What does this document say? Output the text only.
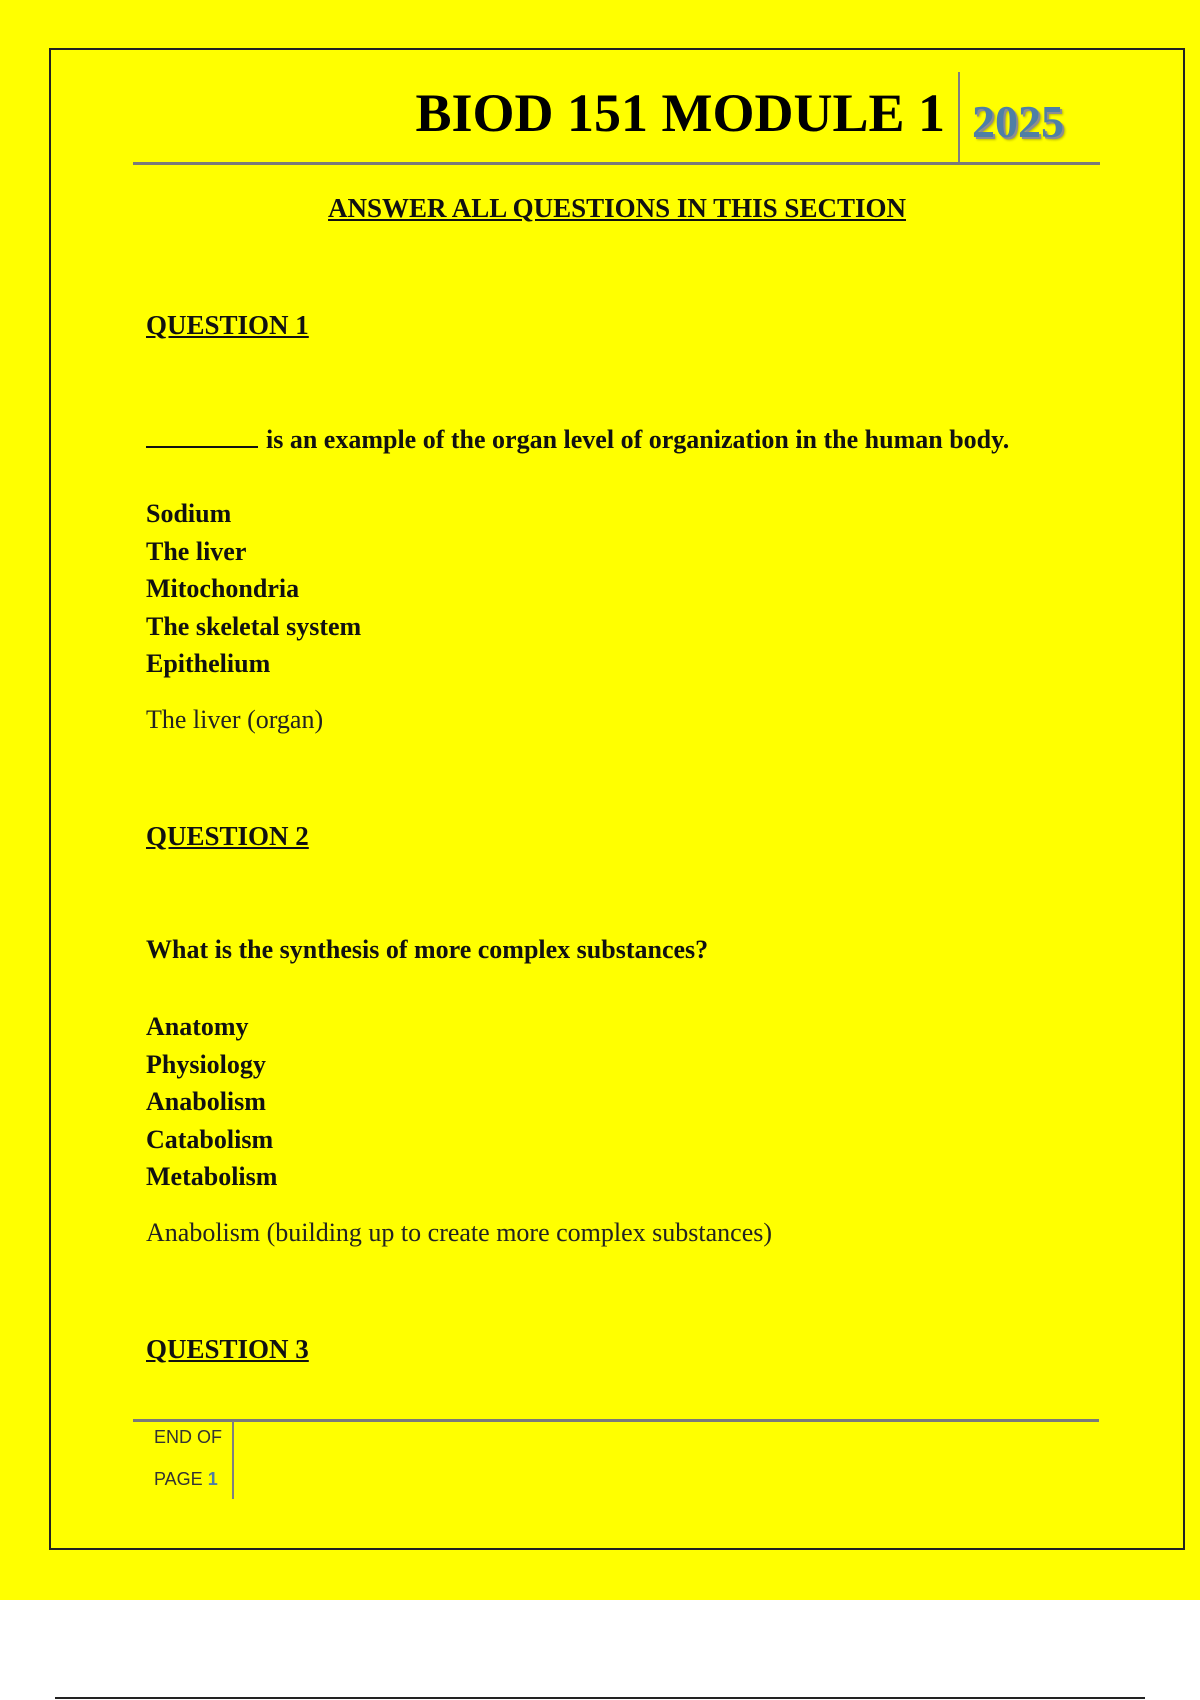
BIOD 151 MODULE 1 2025
ANSWER ALL QUESTIONS IN THIS SECTION
QUESTION 1
is an example of the organ level of organization in the human body.
Sodium
The liver
Mitochondria
The skeletal system
Epithelium
The liver (organ)
QUESTION 2
What is the synthesis of more complex substances?
Anatomy
Physiology
Anabolism
Catabolism
Metabolism
Anabolism (building up to create more complex substances)
QUESTION 3
END OF
PAGE 1
